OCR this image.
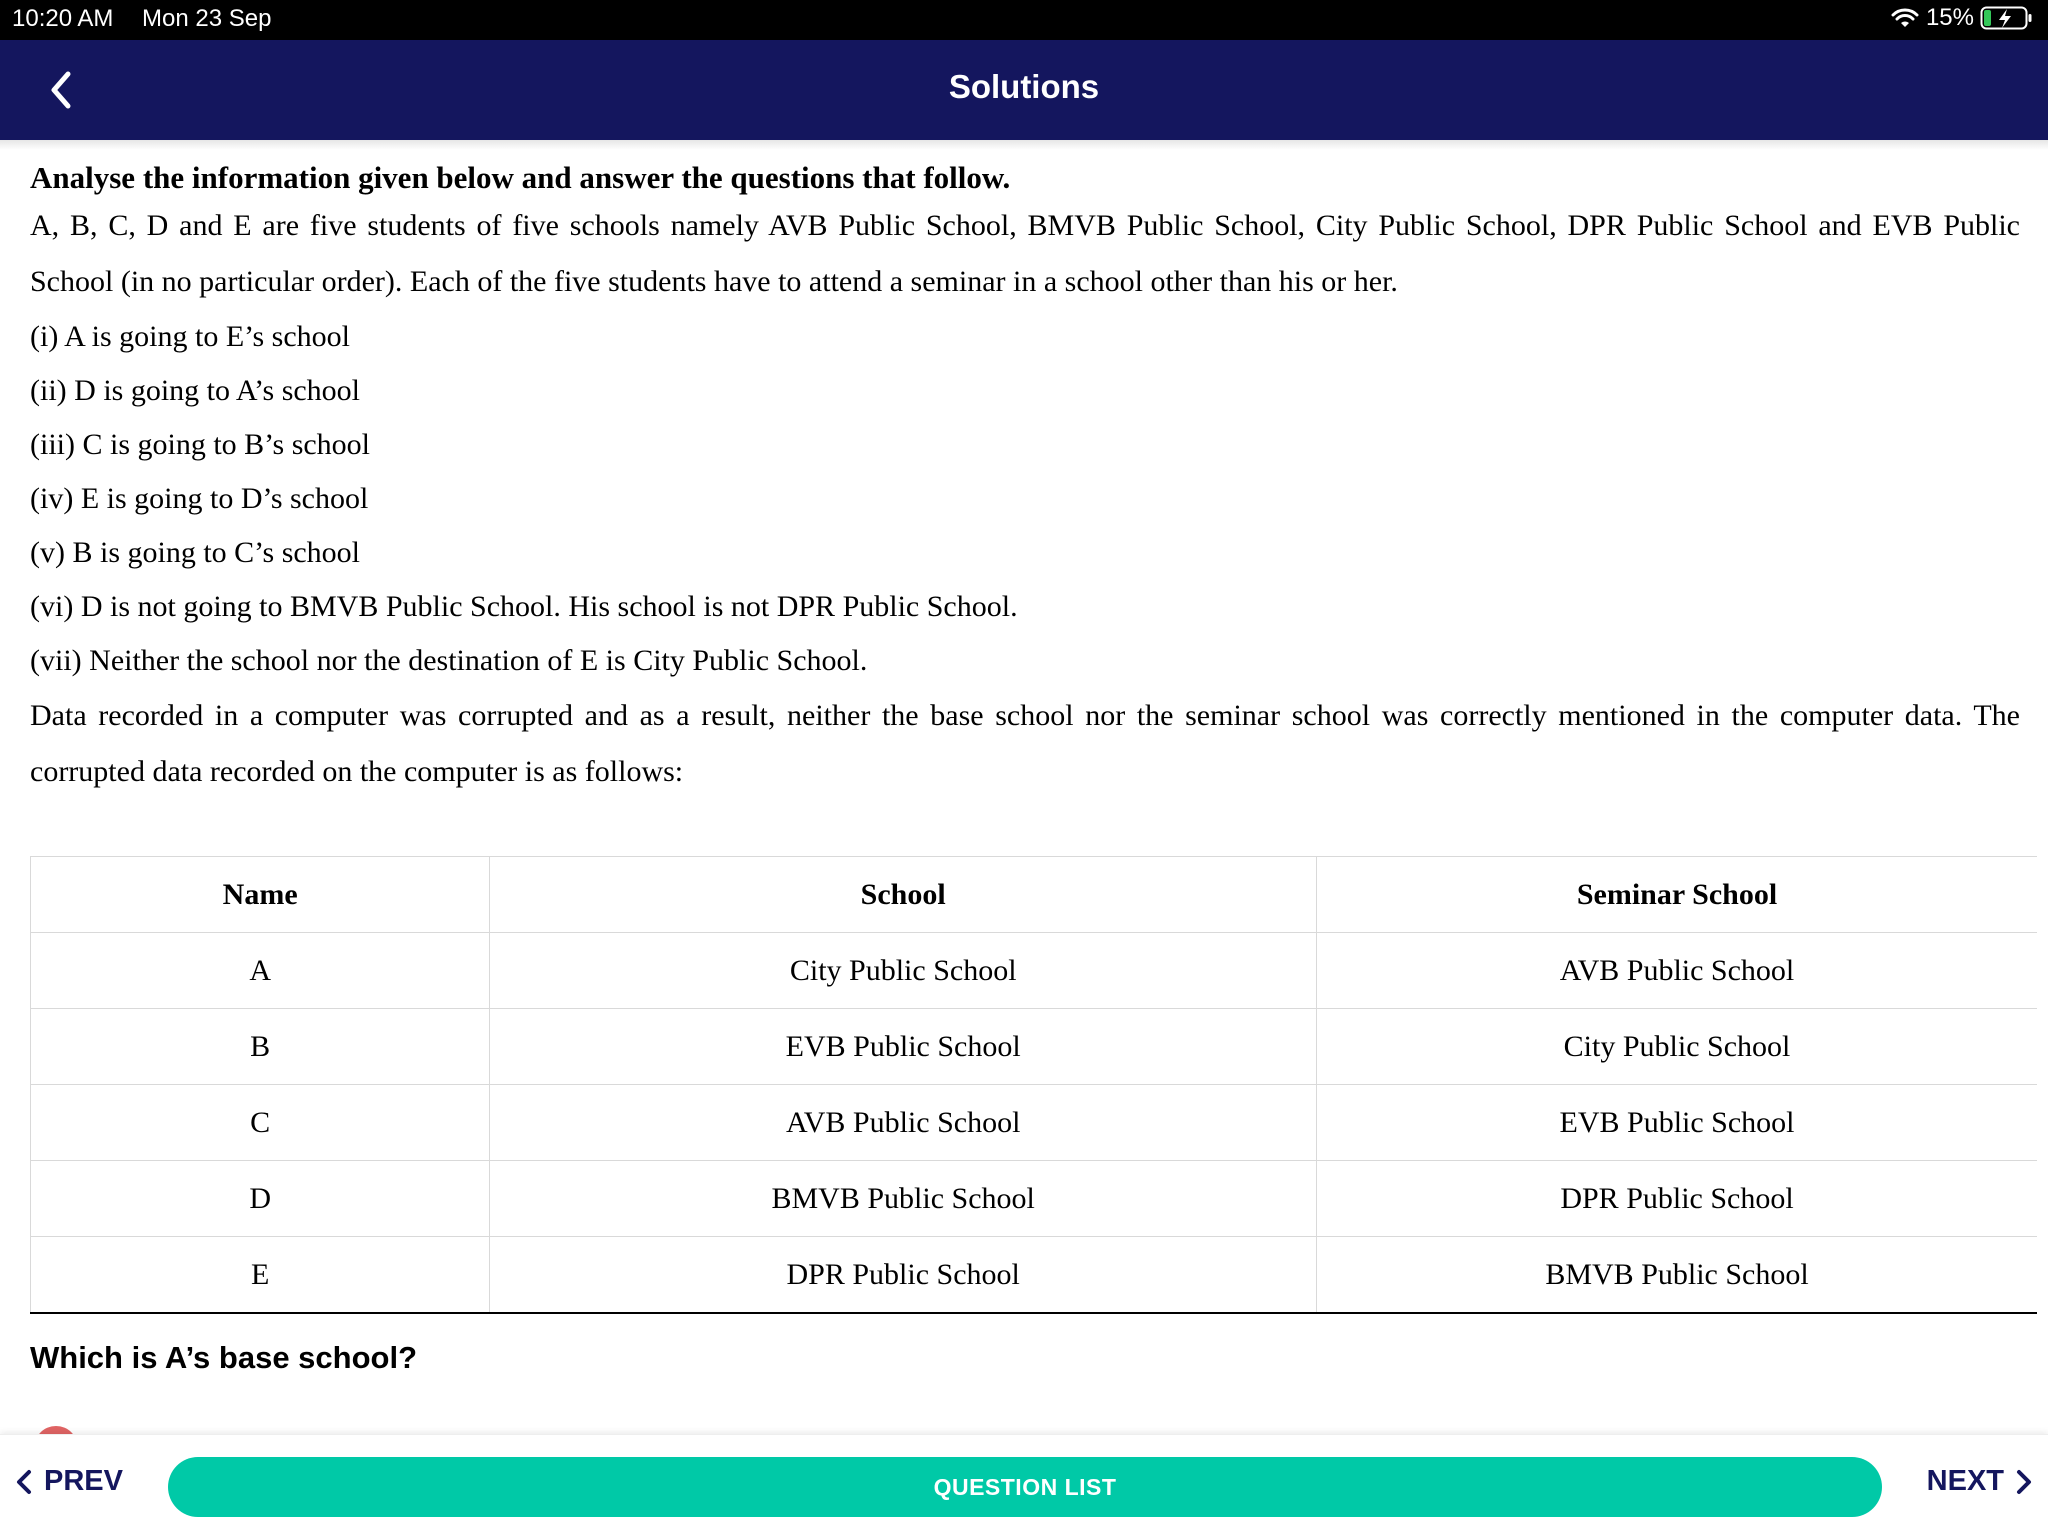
10:20 AM Mon 23 Sep	15%
Solutions

Analyse the information given below and answer the questions that follow.

A, B, C, D and E are five students of five schools namely AVB Public School, BMVB Public School, City Public School, DPR Public School and EVB Public School (in no particular order). Each of the five students have to attend a seminar in a school other than his or her.

(i) A is going to E’s school
(ii) D is going to A’s school
(iii) C is going to B’s school
(iv) E is going to D’s school
(v) B is going to C’s school
(vi) D is not going to BMVB Public School. His school is not DPR Public School.
(vii) Neither the school nor the destination of E is City Public School.

Data recorded in a computer was corrupted and as a result, neither the base school nor the seminar school was correctly mentioned in the computer data. The corrupted data recorded on the computer is as follows:

Name	School	Seminar School
A	City Public School	AVB Public School
B	EVB Public School	City Public School
C	AVB Public School	EVB Public School
D	BMVB Public School	DPR Public School
E	DPR Public School	BMVB Public School
Which is A’s base school?
PREV	QUESTION LIST	NEXT
